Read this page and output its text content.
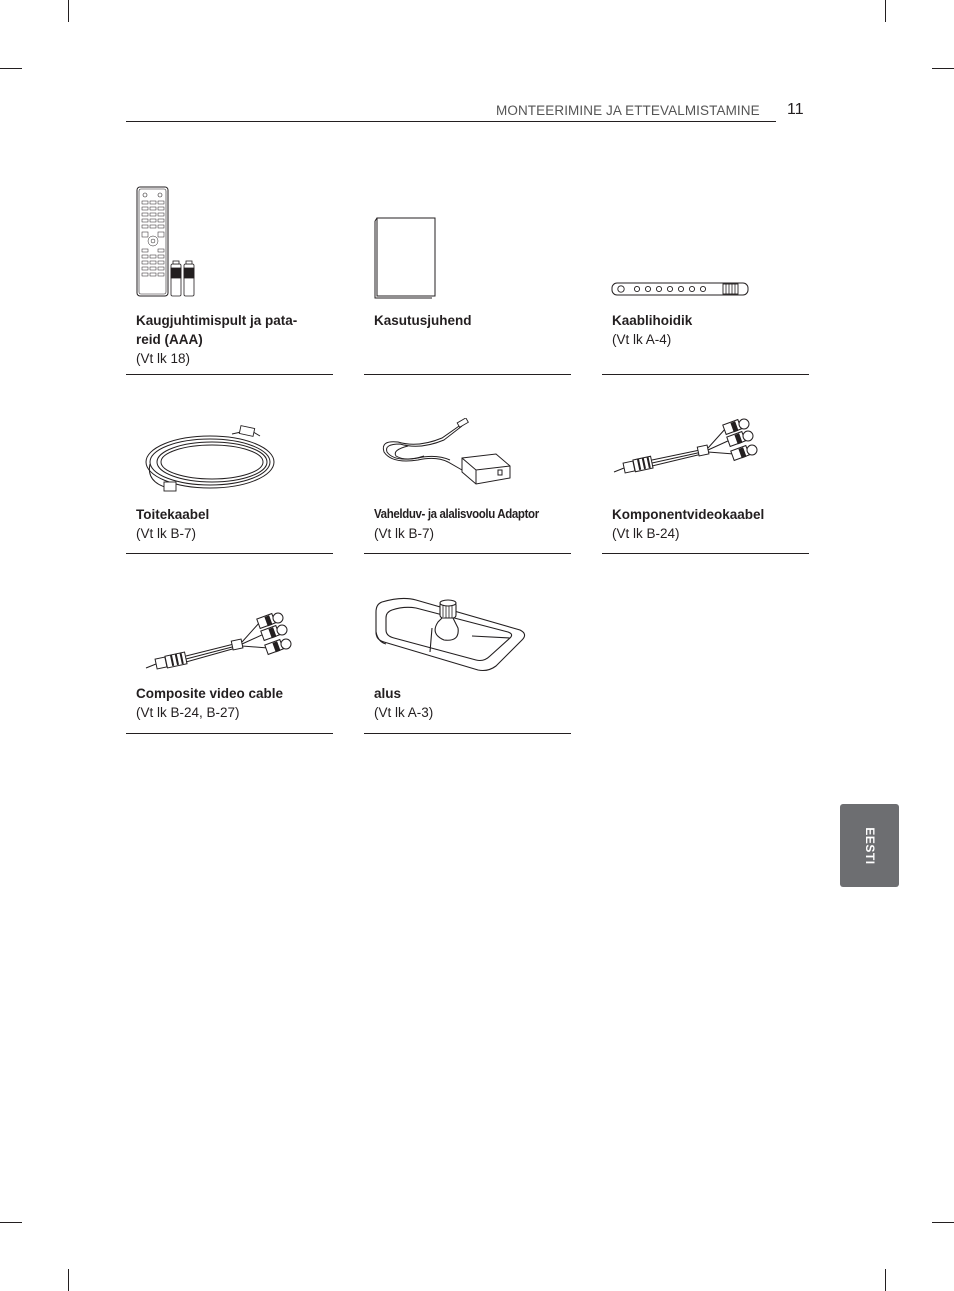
MONTEERIMINE JA ETTEVALMISTAMINE 11
Kaugjuhtimispult ja pata-
reid (AAA)
(Vt lk 18)
Kasutusjuhend	Kaablihoidik
(Vt lk A-4)
Toitekaabel
(Vt lk B-7)
Vahelduv- ja alalisvoolu Adaptor
(Vt lk B-7)
Komponentvideokaabel
(Vt lk B-24)
Composite video cable
(Vt lk B-24, B-27)
alus
(Vt lk A-3)
EESTI
